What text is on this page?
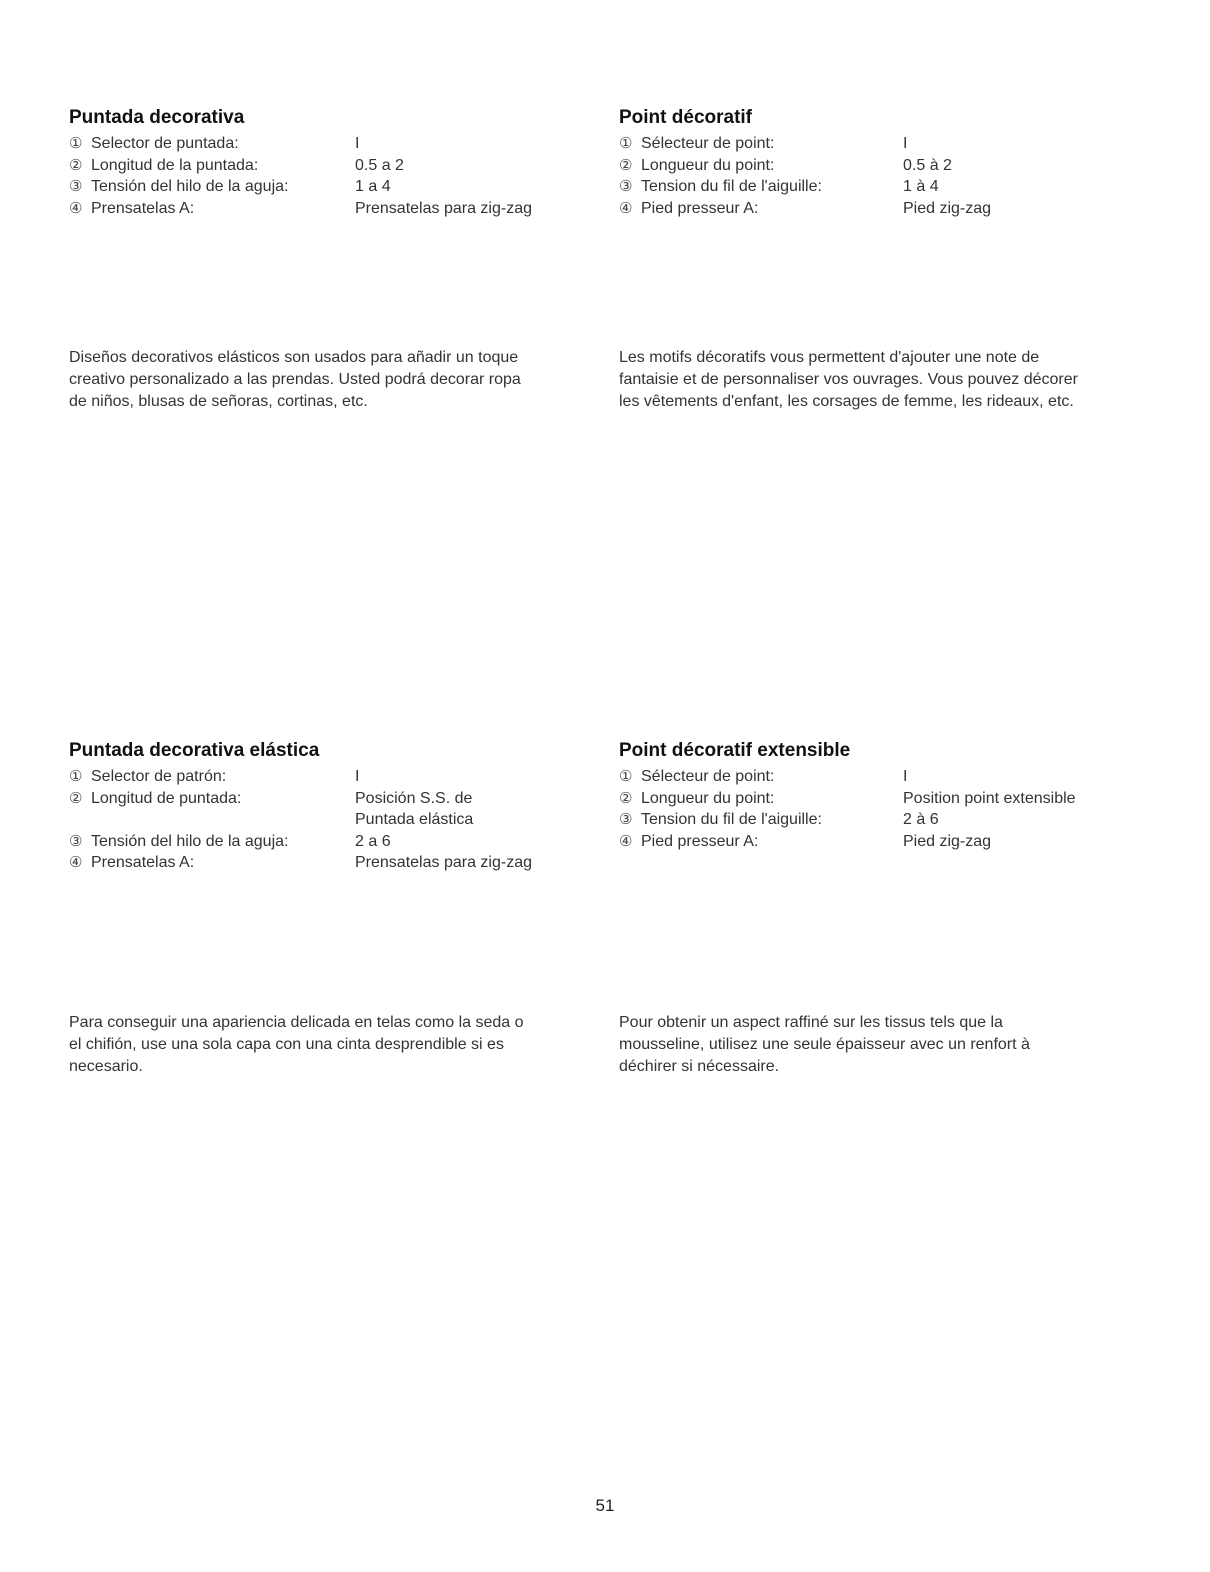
Puntada decorativa
① Selector de puntada:	I
② Longitud de la puntada:	0.5 a 2
③ Tensión del hilo de la aguja:	1 a 4
④ Prensatelas A:	Prensatelas para zig-zag
Point décoratif
① Sélecteur de point:	I
② Longueur du point:	0.5 à 2
③ Tension du fil de l'aiguille:	1 à 4
④ Pied presseur A:	Pied zig-zag

Diseños decorativos elásticos son usados para añadir un toque
creativo personalizado a las prendas. Usted podrá decorar ropa
de niños, blusas de señoras, cortinas, etc.

Les motifs décoratifs vous permettent d'ajouter une note de
fantaisie et de personnaliser vos ouvrages. Vous pouvez décorer
les vêtements d'enfant, les corsages de femme, les rideaux, etc.

Puntada decorativa elástica
① Selector de patrón:	I
② Longitud de puntada:	Posición S.S. de
Puntada elástica
③ Tensión del hilo de la aguja:	2 a 6
④ Prensatelas A:	Prensatelas para zig-zag
Point décoratif extensible
① Sélecteur de point:	I
② Longueur du point:	Position point extensible
③ Tension du fil de l'aiguille:	2 à 6
④ Pied presseur A:	Pied zig-zag

Para conseguir una apariencia delicada en telas como la seda o
el chifión, use una sola capa con una cinta desprendible si es
necesario.

Pour obtenir un aspect raffiné sur les tissus tels que la
mousseline, utilisez une seule épaisseur avec un renfort à
déchirer si nécessaire.

51
